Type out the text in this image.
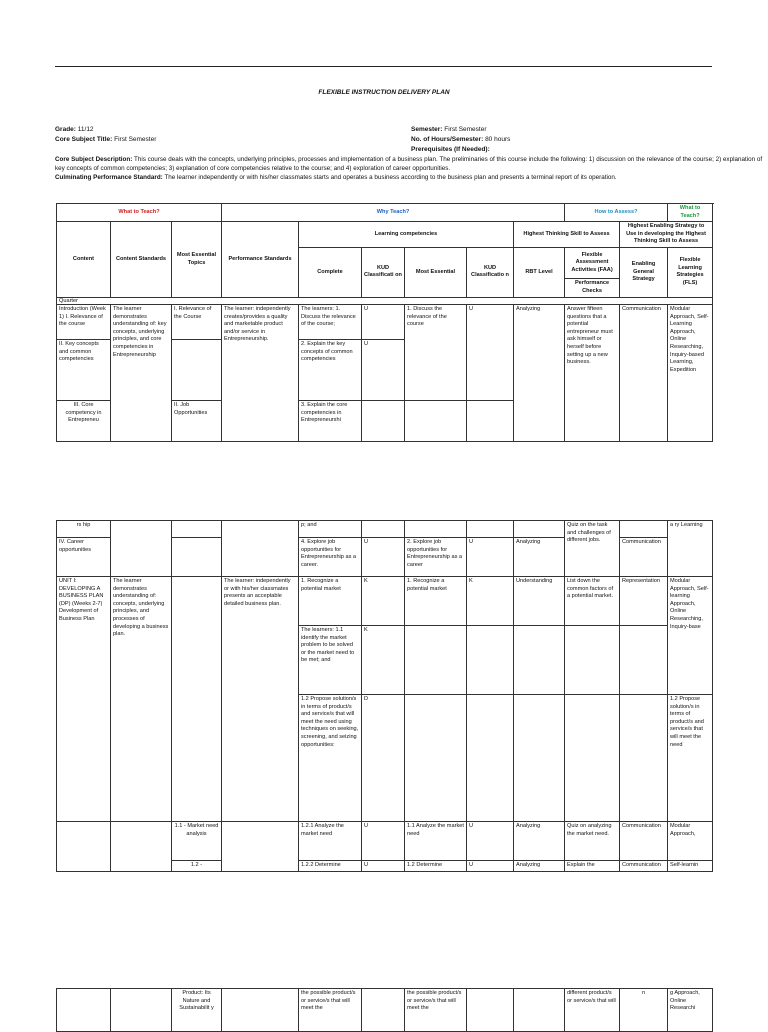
FLEXIBLE INSTRUCTION DELIVERY PLAN
Grade: 11/12
Core Subject Title: First Semester
Semester: First Semester
No. of Hours/Semester: 80 hours
Prerequisites (If Needed):
Core Subject Description: This course deals with the concepts, underlying principles, processes and implementation of a business plan. The preliminaries of this course include the following: 1) discussion on the relevance of the course; 2) explanation of key concepts of common competencies; 3) explanation of core competencies relative to the course; and 4) exploration of career opportunities.
Culminating Performance Standard: The learner independently or with his/her classmates starts and operates a business according to the business plan and presents a terminal report of its operation.
What to Teach?			Why Teach?						How to Assess?		What to Teach?
Content	Content Standards	Most Essential Topics	Performance Standards	Learning competencies				Highest Thinking Skill to Assess		Highest Enabling Strategy to Use in developing the Highest Thinking Skill to Assess	
				Complete	KUD Classificati on	Most Essential	KUD Classificatio n	RBT Level	Flexible Assessment Activities (FAA)	Enabling General Strategy	Flexible Learning Strategies (FLS)
									Performance Checks		
Quarter											
Introduction (Week 1) I. Relevance of the course	The learner demonstrates understanding of: key concepts, underlying principles, and core competencies in Entrepreneurship	I. Relevance of the Course	The learner: independently creates/provides a quality and marketable product and/or service in Entrepreneurship.	The learners: 1. Discuss the relevance of the course;	U	1. Discuss the relevance of the course	U	Analyzing	Answer fifteen questions that a potential entrepreneur must ask himself or herself before setting up a new business.	Communication	Modular Approach, Self-Learning Approach, Online Researching, Inquiry-based Learning, Expedition
II. Key concepts and common competencies				2. Explain the key concepts of common competencies	U						
III. Core competency in Entrepreneu		II. Job Opportunities		3. Explain the core competencies in Entrepreneurshi							
rs hip				p; and					Quiz on the task and challenges of different jobs.		a ry Learning
IV. Career opportunities				4. Explore job opportunities for Entrepreneurship as a career.	U	2. Explore job opportunities for Entrepreneurship as a career	U	Analyzing		Communication	
UNIT I: DEVELOPING A BUSINESS PLAN (DP) (Weeks 2-7) Development of Business Plan	The learner demonstrates understanding of: concepts, underlying principles, and processes of developing a business plan.		The learner: independently or with his/her classmates presents an acceptable detailed business plan.	1. Recognize a potential market	K	1. Recognize a potential market	K	Understanding	List down the common factors of a potential market.	Representation	Modular Approach, Self-learning Approach, Online Researching, Inquiry-base
				The learners: 1.1 identify the market problem to be solved or the market need to be met; and	K						
				1.2 Propose solution/s in terms of product/s and service/s that will meet the need using techniques on seeking, screening, and seizing opportunities:	D						1.2 Propose solution/s in terms of product/s and service/s that will meet the need
		1.1 - Market need analysis		1.2.1 Analyze the market need	U	1.1 Analyze the market need	U	Analyzing	Quiz on analyzing the market need.	Communication	Modular Approach,
		1.2 -		1.2.2 Determine	U	1.2 Determine	U	Analyzing	Explain the	Communication	Self-learnin
		Product: Its Nature and Sustainabilit y		the possible product/s or service/s that will meet the		the possible product/s or service/s that will meet the			different product/s or service/s that will	n	g Approach, Online Researchi
